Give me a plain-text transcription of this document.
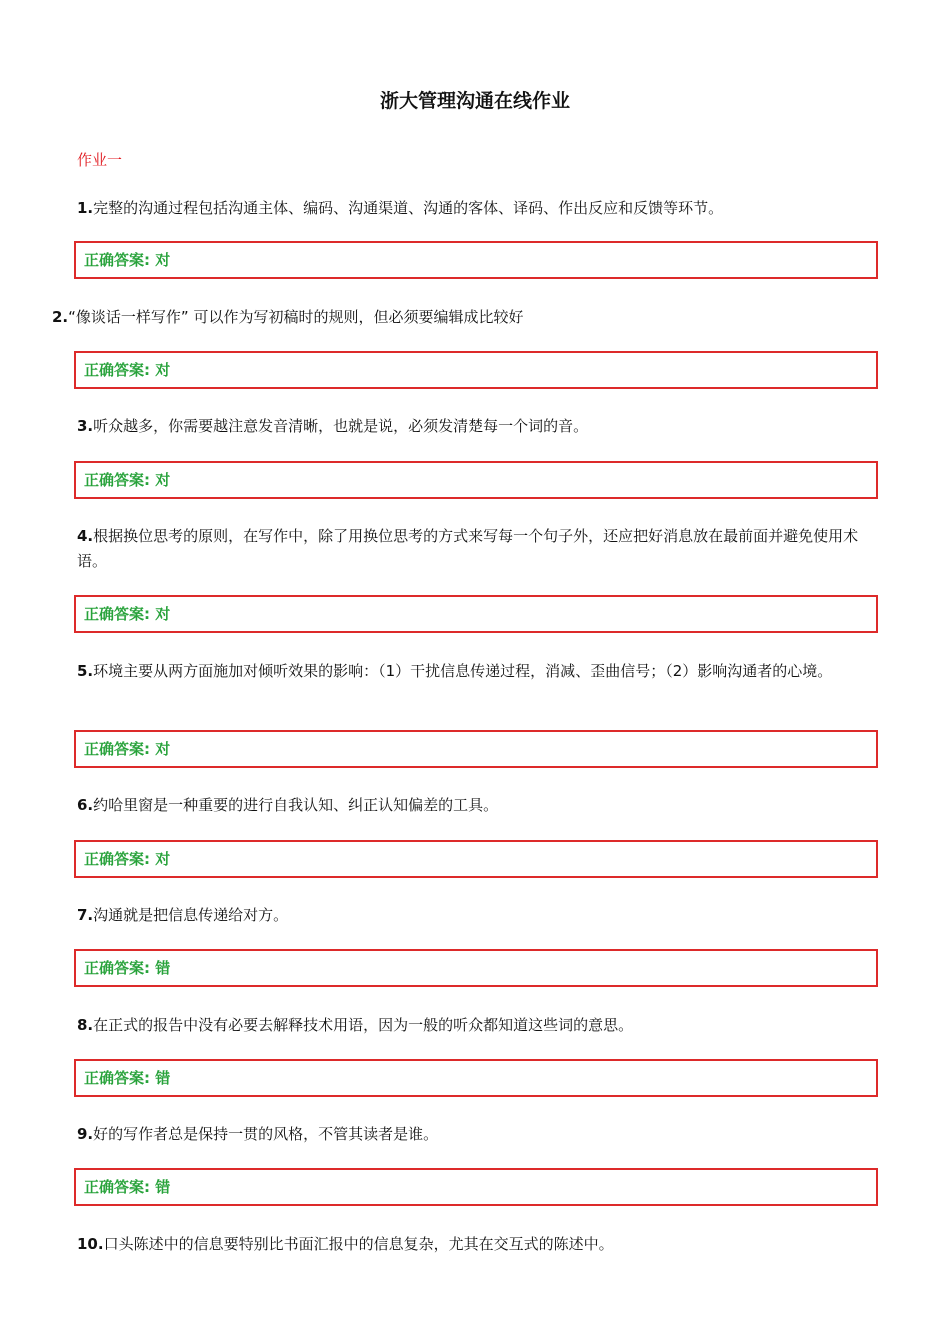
浙大管理沟通在线作业
作业一
1.完整的沟通过程包括沟通主体、编码、沟通渠道、沟通的客体、译码、作出反应和反馈等环节。
正确答案: 对
2.“像谈话一样写作” 可以作为写初稿时的规则，但必须要编辑成比较好
正确答案: 对
3.听众越多，你需要越注意发音清晰，也就是说，必须发清楚每一个词的音。
正确答案: 对
4.根据换位思考的原则，在写作中，除了用换位思考的方式来写每一个句子外，还应把好消息放在最前面并避免使用术语。
正确答案: 对
5.环境主要从两方面施加对倾听效果的影响：（1）干扰信息传递过程，消减、歪曲信号；（2）影响沟通者的心境。
正确答案: 对
6.约哈里窗是一种重要的进行自我认知、纠正认知偏差的工具。
正确答案: 对
7.沟通就是把信息传递给对方。
正确答案: 错
8.在正式的报告中没有必要去解释技术用语，因为一般的听众都知道这些词的意思。
正确答案: 错
9.好的写作者总是保持一贯的风格，不管其读者是谁。
正确答案: 错
10.口头陈述中的信息要特别比书面汇报中的信息复杂，尤其在交互式的陈述中。
